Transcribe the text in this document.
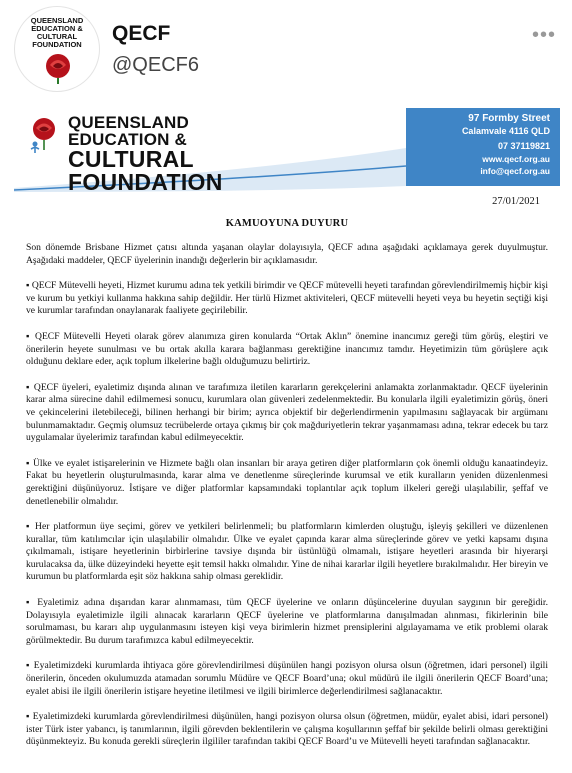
QUEENSLAND
EDUCATION &
CULTURAL
FOUNDATION	QECF
@QECF6
•••
QUEENSLAND
EDUCATION &
CULTURAL
FOUNDATION
97 Formby Street
Calamvale 4116 QLD
07 37119821
www.qecf.org.au
info@qecf.org.au
27/01/2021
KAMUOYUNA DUYURU

Son dönemde Brisbane Hizmet çatısı altında yaşanan olaylar dolayısıyla, QECF adına aşağıdaki açıklamaya gerek duyulmuştur. Aşağıdaki maddeler, QECF üyelerinin inandığı değerlerin bir açıklamasıdır.

▪ QECF Mütevelli heyeti, Hizmet kurumu adına tek yetkili birimdir ve QECF mütevelli heyeti tarafından görevlendirilmemiş hiçbir kişi ve kurum bu yetkiyi kullanma hakkına sahip değildir. Her türlü Hizmet aktiviteleri, QECF mütevelli heyeti veya bu heyetin seçtiği kişi ve kurumlar tarafından onaylanarak faaliyete geçirilebilir.

▪ QECF Mütevelli Heyeti olarak görev alanımıza giren konularda “Ortak Aklın” önemine inancımız gereği tüm görüş, eleştiri ve önerilerin heyete sunulması ve bu ortak akılla karara bağlanması gerektiğine inancımız tamdır. Heyetimizin tüm görüşlere açık olduğunu deklare eder, açık toplum ilkelerine bağlı olduğumuzu belirtiriz.

▪ QECF üyeleri, eyaletimiz dışında alınan ve tarafımıza iletilen kararların gerekçelerini anlamakta zorlanmaktadır. QECF üyelerinin karar alma sürecine dahil edilmemesi sonucu, kurumlara olan güvenleri zedelenmektedir. Bu konularla ilgili eyaletimizin görüş, öneri ve çekincelerini iletebileceği, bilinen herhangi bir birim; ayrıca objektif bir değerlendirmenin yapılmasını sağlayacak bir argümanı bulunmamaktadır. Geçmiş olumsuz tecrübelerde ortaya çıkmış bir çok mağduriyetlerin tekrar yaşanmaması adına, tekrar edecek bu tarz uygulamalar üyelerimiz tarafından kabul edilmeyecektir.

▪ Ülke ve eyalet istişarelerinin ve Hizmete bağlı olan insanları bir araya getiren diğer platformların çok önemli olduğu kanaatindeyiz. Fakat bu heyetlerin oluşturulmasında, karar alma ve denetlenme süreçlerinde kurumsal ve etik kuralların yeniden düzenlenmesi gerektiğini düşünüyoruz. İstişare ve diğer platformlar kapsamındaki toplantılar açık toplum ilkeleri gereği ulaşılabilir, şeffaf ve denetlenebilir olmalıdır.

▪ Her platformun üye seçimi, görev ve yetkileri belirlenmeli; bu platformların kimlerden oluştuğu, işleyiş şekilleri ve düzenlenen kurallar, tüm katılımcılar için ulaşılabilir olmalıdır. Ülke ve eyalet çapında karar alma süreçlerinde görev ve yetki kapsamı dışına çıkılmamalı, istişare heyetlerinin birbirlerine tavsiye dışında bir üstünlüğü olmamalı, istişare heyetleri arasında bir hiyerarşi kurulacaksa da, ülke düzeyindeki heyette eşit temsil hakkı olmalıdır. Yine de nihai kararlar ilgili heyetlere bırakılmalıdır. Her bireyin ve kurumun bu platformlarda eşit söz hakkına sahip olması gereklidir.

▪ Eyaletimiz adına dışarıdan karar alınmaması, tüm QECF üyelerine ve onların düşüncelerine duyulan saygının bir gereğidir. Dolayısıyla eyaletimizle ilgili alınacak kararların QECF üyelerine ve platformlarına danışılmadan alınması, fikirlerinin bile sorulmaması, bu kararı alıp uygulanmasını isteyen kişi veya birimlerin hizmet prensiplerini algılayamama ve etik problemi olarak görülmektedir. Bu durum tarafımızca kabul edilmeyecektir.

▪ Eyaletimizdeki kurumlarda ihtiyaca göre görevlendirilmesi düşünülen hangi pozisyon olursa olsun (öğretmen, idari personel) ilgili önerilerin, önceden okulumuzda atamadan sorumlu Müdüre ve QECF Board’una; okul müdürü ile ilgili önerilerin QECF Board’una; eyalet abisi ile ilgili önerilerin istişare heyetine iletilmesi ve ilgili birimlerce değerlendirilmesi sağlanacaktır.

▪ Eyaletimizdeki kurumlarda görevlendirilmesi düşünülen, hangi pozisyon olursa olsun (öğretmen, müdür, eyalet abisi, idari personel) ister Türk ister yabancı, iş tanımlarının, ilgili görevden beklentilerin ve çalışma koşullarının şeffaf bir şekilde belirli olması gerektiğini düşünmekteyiz. Bu konuda gerekli süreçlerin ilgililer tarafından takibi QECF Board’u ve Mütevelli heyeti tarafından sağlanacaktır.
